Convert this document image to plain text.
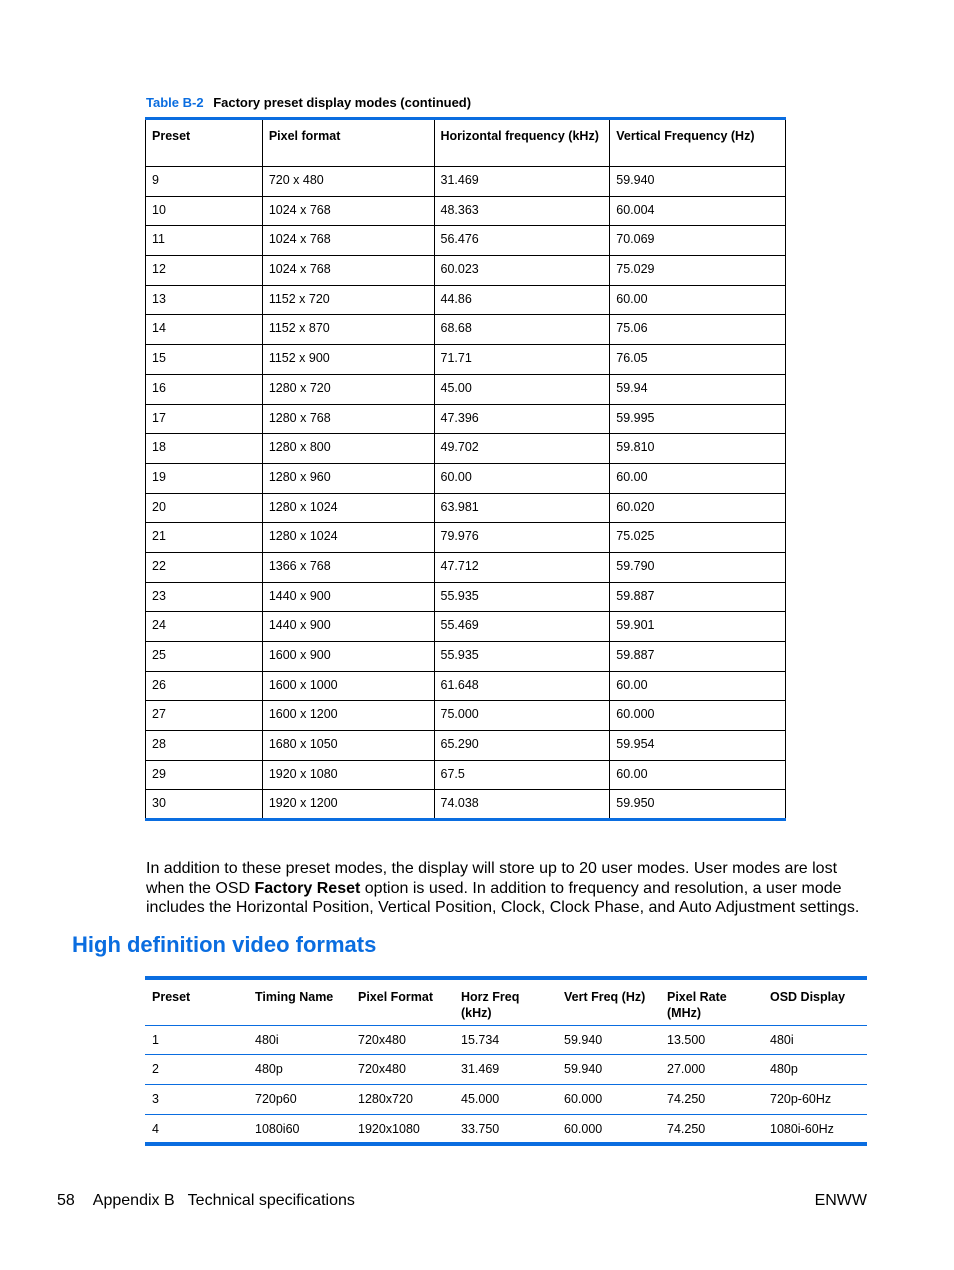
Table B-2 Factory preset display modes (continued)
Preset	Pixel format	Horizontal frequency (kHz)	Vertical Frequency (Hz)
9	720 x 480	31.469	59.940
10	1024 x 768	48.363	60.004
11	1024 x 768	56.476	70.069
12	1024 x 768	60.023	75.029
13	1152 x 720	44.86	60.00
14	1152 x 870	68.68	75.06
15	1152 x 900	71.71	76.05
16	1280 x 720	45.00	59.94
17	1280 x 768	47.396	59.995
18	1280 x 800	49.702	59.810
19	1280 x 960	60.00	60.00
20	1280 x 1024	63.981	60.020
21	1280 x 1024	79.976	75.025
22	1366 x 768	47.712	59.790
23	1440 x 900	55.935	59.887
24	1440 x 900	55.469	59.901
25	1600 x 900	55.935	59.887
26	1600 x 1000	61.648	60.00
27	1600 x 1200	75.000	60.000
28	1680 x 1050	65.290	59.954
29	1920 x 1080	67.5	60.00
30	1920 x 1200	74.038	59.950
In addition to these preset modes, the display will store up to 20 user modes. User modes are lost when the OSD Factory Reset option is used. In addition to frequency and resolution, a user mode includes the Horizontal Position, Vertical Position, Clock, Clock Phase, and Auto Adjustment settings.
High definition video formats
Preset	Timing Name	Pixel Format	Horz Freq (kHz)	Vert Freq (Hz)	Pixel Rate (MHz)	OSD Display
1	480i	720x480	15.734	59.940	13.500	480i
2	480p	720x480	31.469	59.940	27.000	480p
3	720p60	1280x720	45.000	60.000	74.250	720p-60Hz
4	1080i60	1920x1080	33.750	60.000	74.250	1080i-60Hz
58 Appendix B   Technical specifications	ENWW
